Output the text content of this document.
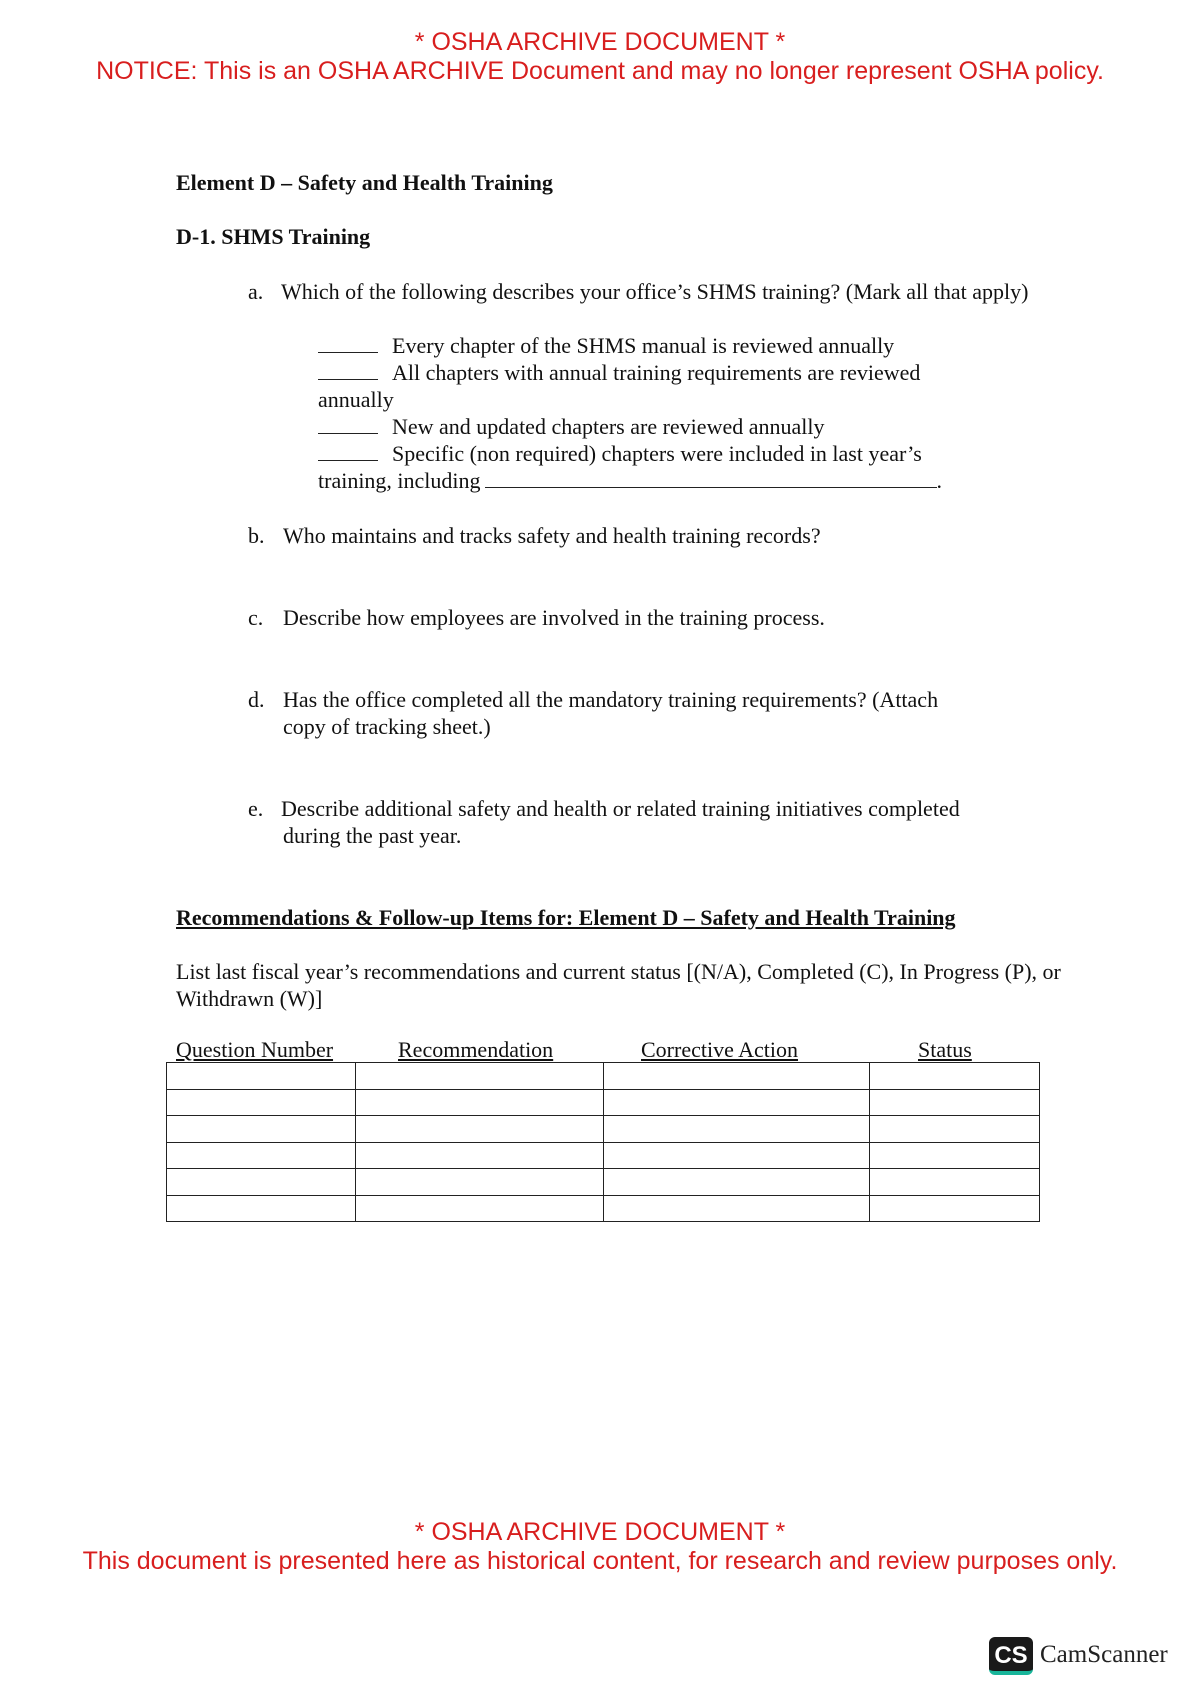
* OSHA ARCHIVE DOCUMENT *
NOTICE: This is an OSHA ARCHIVE Document and may no longer represent OSHA policy.
Element D – Safety and Health Training
D-1. SHMS Training
a. Which of the following describes your office’s SHMS training? (Mark all that apply)
Every chapter of the SHMS manual is reviewed annually
All chapters with annual training requirements are reviewed
annually
New and updated chapters are reviewed annually
Specific (non required) chapters were included in last year’s
training, including	.
b. Who maintains and tracks safety and health training records?
c. Describe how employees are involved in the training process.
d. Has the office completed all the mandatory training requirements? (Attach
copy of tracking sheet.)
e. Describe additional safety and health or related training initiatives completed
during the past year.
Recommendations & Follow-up Items for: Element D – Safety and Health Training
List last fiscal year’s recommendations and current status [(N/A), Completed (C), In Progress (P), or
Withdrawn (W)]
Question Number	Recommendation	Corrective Action	Status

* OSHA ARCHIVE DOCUMENT *
This document is presented here as historical content, for research and review purposes only.
CS CamScanner
